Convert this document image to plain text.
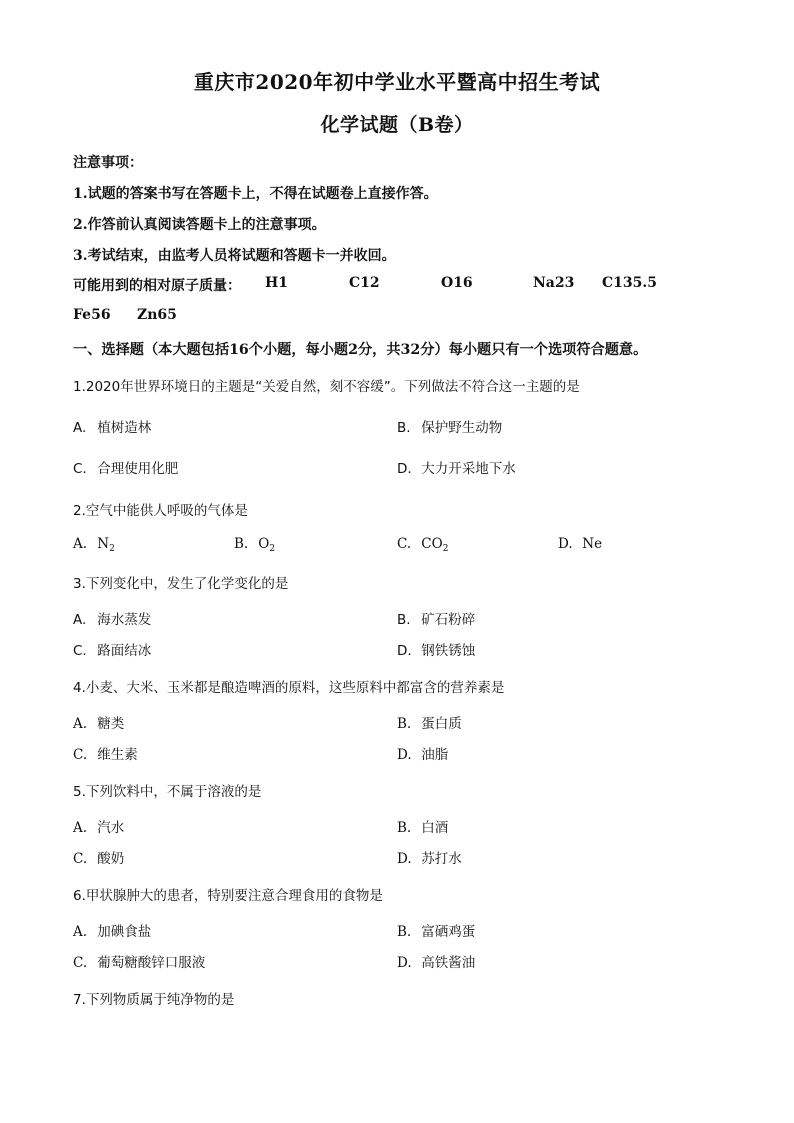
重庆市2020年初中学业水平暨高中招生考试
化学试题（B卷）
注意事项：
1.试题的答案书写在答题卡上，不得在试题卷上直接作答。
2.作答前认真阅读答题卡上的注意事项。
3.考试结束，由监考人员将试题和答题卡一并收回。
可能用到的相对原子质量： H1	C12	O16	Na23 C135.5
Fe56 Zn65
一、选择题（本大题包括16个小题，每小题2分，共32分）每小题只有一个选项符合题意。
1.2020年世界环境日的主题是“关爱自然，刻不容缓”。下列做法不符合这一主题的是
A. 植树造林	B. 保护野生动物
C. 合理使用化肥	D. 大力开采地下水
2.空气中能供人呼吸的气体是
A. $N_2$	B. $O_2$	C. $CO_2$	D. Ne
3.下列变化中，发生了化学变化的是
A. 海水蒸发	B. 矿石粉碎
C. 路面结冰	D. 钢铁锈蚀
4.小麦、大米、玉米都是酿造啤酒的原料，这些原料中都富含的营养素是
A. 糖类	B. 蛋白质
C. 维生素	D. 油脂
5.下列饮料中，不属于溶液的是
A. 汽水	B. 白酒
C. 酸奶	D. 苏打水
6.甲状腺肿大的患者，特别要注意合理食用的食物是
A. 加碘食盐	B. 富硒鸡蛋
C. 葡萄糖酸锌口服液	D. 高铁酱油
7.下列物质属于纯净物的是
